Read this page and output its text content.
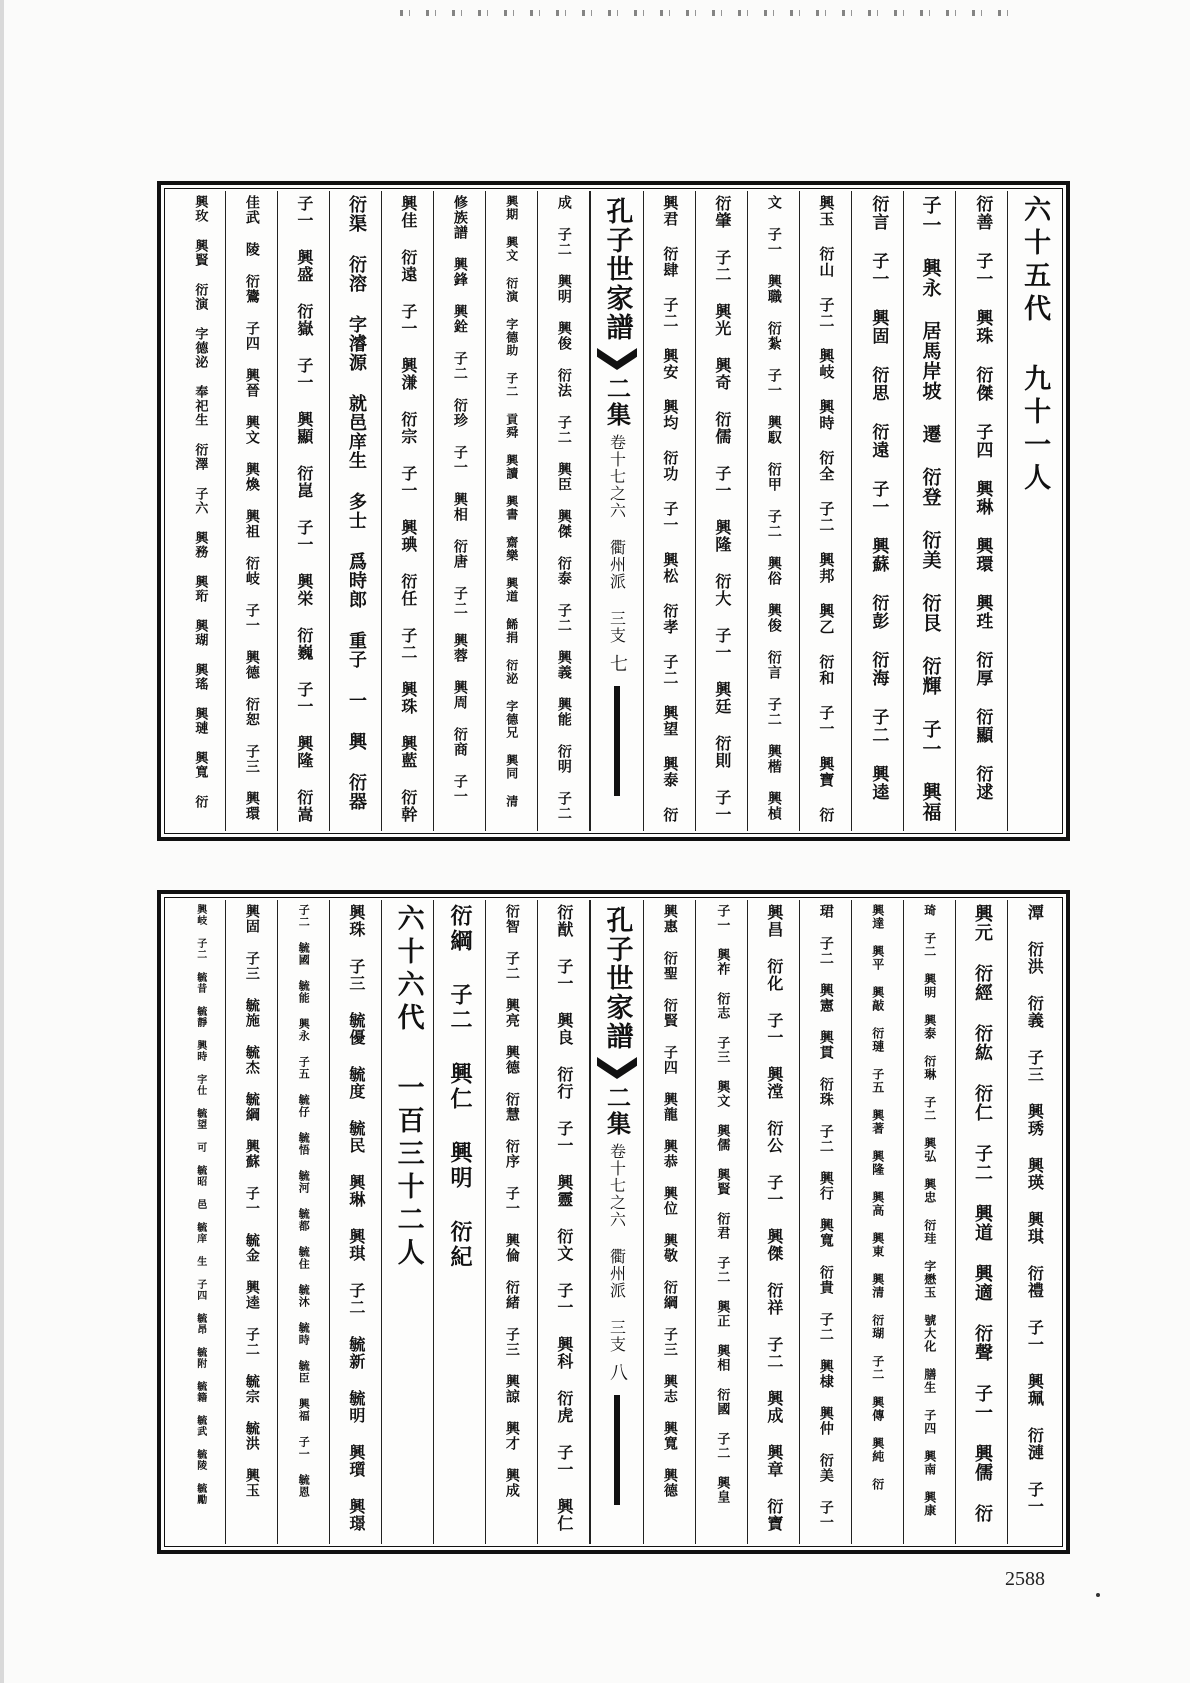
六十五代 九十一人
衍善 子一 興珠 衍傑 子四 興琳 興環 興珄 衍厚 衍顯 衍逑
子一 興永 居馬岸坡 遷 衍登 衍美 衍艮 衍輝 子一 興福
衍言 子一 興固 衍思 衍遠 子一 興蘇 衍彭 衍海 子二 興逵
興玉 衍山 子二 興岐 興時 衍全 子二 興邦 興乙 衍和 子一 興寶 衍
文 子一 興職 衍紮 子一 興馭 衍甲 子二 興俗 興俊 衍言 子二 興楷 興楨
衍肇 子二 興光 興奇 衍儒 子一 興隆 衍大 子一 興廷 衍則 子一
興君 衍肆 子二 興安 興均 衍功 子一 興松 衍孝 子二 興望 興泰 衍
孔子世家譜
二集
卷十七之六 衢州派 三支
七
成 子二 興明 興俊 衍法 子二 興臣 興傑 衍泰 子二 興義 興能 衍明 子二
興期 興文 衍演 字德助 子二 貢舜 興讀 興書 齋樂 興道 餙捐 衍泌 字德兄 興同 清
修族譜 興鋒 興銓 子二 衍珍 子一 興相 衍唐 子二 興蓉 興周 衍商 子一
興佳 衍遠 子一 興溓 衍宗 子一 興琠 衍任 子二 興珠 興藍 衍幹
衍渠 衍溶 字濬源 就邑庠生 多士 爲時郎 重子 一 興 衍器
子一 興盛 衍嶽 子一 興顯 衍崑 子一 興栄 衍巍 子一 興隆 衍嵩
佳武 陵 衍鷟 子四 興晉 興文 興煥 興祖 衍岐 子一 興德 衍恕 子三 興環
興玫 興賢 衍演 字德泌 奉祀生 衍澤 子六 興務 興珩 興瑚 興瑤 興璉 興寬 衍
潭 衍洪 衍義 子三 興琇 興瑛 興琪 衍禮 子一 興珮 衍漣 子一
興元 衍經 衍紘 衍仁 子二 興道 興適 衍聲 子一 興儒 衍
琦 子二 興明 興泰 衍琳 子二 興弘 興忠 衍珪 字懋玉 號大化 膳生 子四 興南 興康
興達 興平 興敲 衍璉 子五 興著 興隆 興高 興東 興清 衍瑚 子二 興傳 興純 衍
珺 子二 興憲 興貫 衍珠 子二 興行 興寬 衍貴 子二 興棣 興仲 衍美 子一
興昌 衍化 子一 興漟 衍公 子一 興傑 衍祥 子二 興成 興章 衍寶
子一 興祚 衍志 子三 興文 興儒 興賢 衍君 子二 興正 興相 衍國 子二 興皇
興惠 衍聖 衍賢 子四 興龍 興恭 興位 興敬 衍綱 子三 興志 興寬 興德
孔子世家譜
二集
卷十七之六 衢州派 三支
八
衍猷 子一 興良 衍行 子一 興靈 衍文 子一 興科 衍虎 子一 興仁
衍智 子二 興亮 興德 衍慧 衍序 子一 興倫 衍緒 子三 興諒 興才 興成
衍綱 子二 興仁 興明 衍紀
六十六代 一百三十二人
興珠 子三 毓優 毓度 毓民 興琳 興琪 子二 毓新 毓明 興瓆 興璟
子二 毓國 毓能 興永 子五 毓仔 毓悟 毓河 毓都 毓住 毓沐 毓時 毓臣 興福 子一 毓恩
興固 子三 毓施 毓杰 毓綱 興蘇 子一 毓金 興逵 子二 毓宗 毓洪 興玉
興岐 子二 毓昔 毓靜 興時 字仕 毓望 可 毓昭 邑 毓庠 生 子四 毓昂 毓附 毓籍 毓武 毓陵 毓勵
2588
